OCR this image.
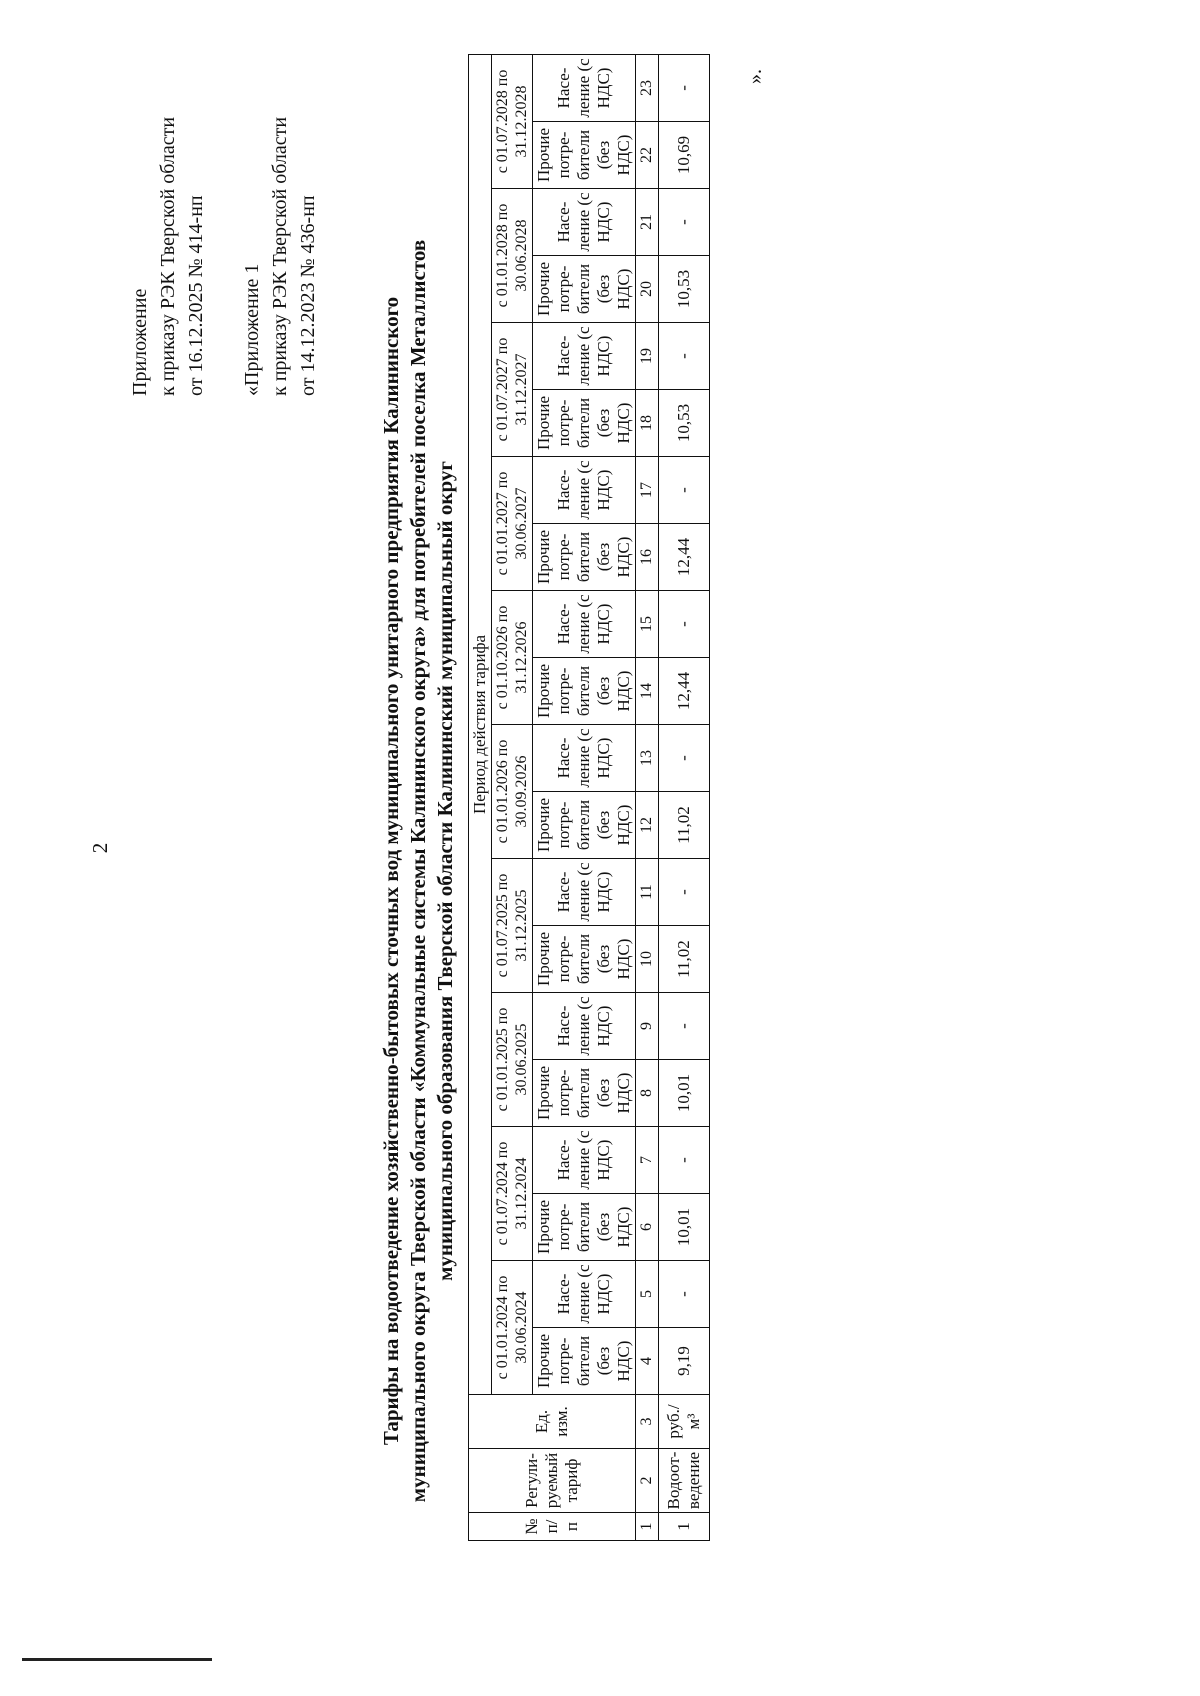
2
Приложение к приказу РЭК Тверской области от 16.12.2025 № 414-нп «Приложение 1 к приказу РЭК Тверской области от 14.12.2023 № 436-нп
Тарифы на водоотведение хозяйственно-бытовых сточных вод муниципального унитарного предприятия Калининского муниципального округа Тверской области «Коммунальные системы Калининского округа» для потребителей поселка Металлистов муниципального образования Тверской области Калининский муниципальный округ
№ п/ п	Регули- руемый тариф	Ед. изм.	Период действия тарифа																			
			с 01.01.2024 по 30.06.2024		с 01.07.2024 по 31.12.2024		с 01.01.2025 по 30.06.2025		с 01.07.2025 по 31.12.2025		с 01.01.2026 по 30.09.2026		с 01.10.2026 по 31.12.2026		с 01.01.2027 по 30.06.2027		с 01.07.2027 по 31.12.2027		с 01.01.2028 по 30.06.2028		с 01.07.2028 по 31.12.2028	
			Прочие потре- бители (без НДС)	Насе- ление (с НДС)	Прочие потре- бители (без НДС)	Насе- ление (с НДС)	Прочие потре- бители (без НДС)	Насе- ление (с НДС)	Прочие потре- бители (без НДС)	Насе- ление (с НДС)	Прочие потре- бители (без НДС)	Насе- ление (с НДС)	Прочие потре- бители (без НДС)	Насе- ление (с НДС)	Прочие потре- бители (без НДС)	Насе- ление (с НДС)	Прочие потре- бители (без НДС)	Насе- ление (с НДС)	Прочие потре- бители (без НДС)	Насе- ление (с НДС)	Прочие потре- бители (без НДС)	Насе- ление (с НДС)
1	2	3	4	5	6	7	8	9	10	11	12	13	14	15	16	17	18	19	20	21	22	23
1	Водоот- ведение	руб./м³	9,19	-	10,01	-	10,01	-	11,02	-	11,02	-	12,44	-	12,44	-	10,53	-	10,53	-	10,69	-
».
